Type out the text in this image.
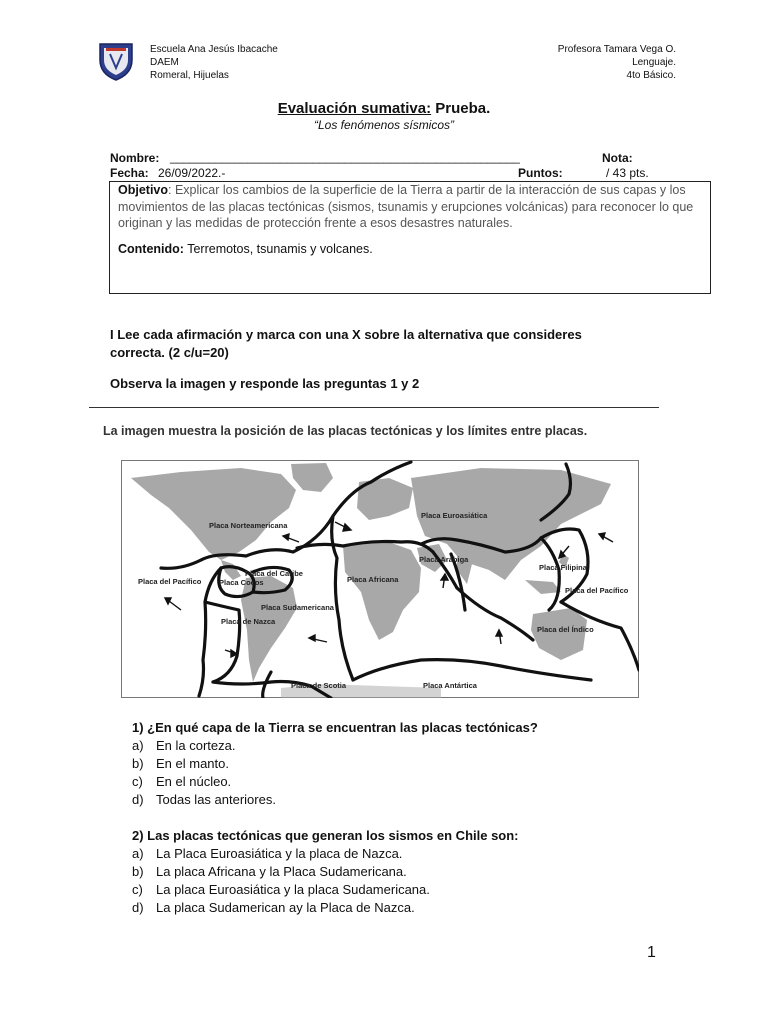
Escuela Ana Jesús Ibacache
DAEM
Romeral, Hijuelas
Profesora Tamara Vega O.
Lenguaje.
4to Básico.
Evaluación sumativa: Prueba.
“Los fenómenos sísmicos”
Nombre: ______________________________________________________	Nota:
Fecha: 26/09/2022.-	Puntos:	/ 43 pts.

Objetivo: Explicar los cambios de la superficie de la Tierra a partir de la interacción de sus capas y los movimientos de las placas tectónicas (sismos, tsunamis y erupciones volcánicas) para reconocer lo que originan y las medidas de protección frente a esos desastres naturales.

Contenido: Terremotos, tsunamis y volcanes.

I Lee cada afirmación y marca con una X sobre la alternativa que consideres correcta. (2 c/u=20)
Observa la imagen y responde las preguntas 1 y 2
La imagen muestra la posición de las placas tectónicas y los límites entre placas.
Placa Norteamericana
Placa Euroasiática
Placa Arábiga
Placa Filipina
Placa del Pacífico
Placa del Pacífico
Placa Cocos
Placa del Caribe
Placa Africana
Placa Sudamericana
Placa de Nazca
Placa del Índico
Placa Antártica
Placa de Scotia
1) ¿En qué capa de la Tierra se encuentran las placas tectónicas?
a) En la corteza.
b) En el manto.
c)	En el núcleo.
d) Todas las anteriores.
2) Las placas tectónicas que generan los sismos en Chile son:
a) La Placa Euroasiática y la placa de Nazca.
b) La placa Africana y la Placa Sudamericana.
c)	La placa Euroasiática y la placa Sudamericana.
d) La placa Sudamerican ay la Placa de Nazca.
1
